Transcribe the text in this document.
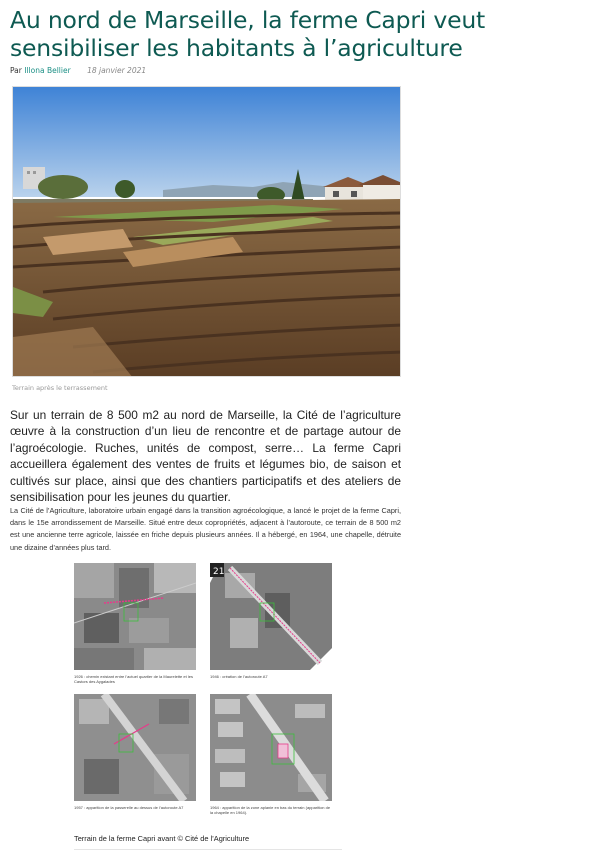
Au nord de Marseille, la ferme Capri veut sensibiliser les habitants à l’agriculture
Par Illona Bellier 18 janvier 2021
Terrain après le terrassement

Sur un terrain de 8 500 m2 au nord de Marseille, la Cité de l’agriculture œuvre à la construction d’un lieu de rencontre et de partage autour de l’agroécologie. Ruches, unités de compost, serre… La ferme Capri accueillera également des ventes de fruits et légumes bio, de saison et cultivés sur place, ainsi que des chantiers participatifs et des ateliers de sensibilisation pour les jeunes du quartier.

La Cité de l’Agriculture, laboratoire urbain engagé dans la transition agroécologique, a lancé le projet de la ferme Capri, dans le 15e arrondissement de Marseille. Situé entre deux copropriétés, adjacent à l’autoroute, ce terrain de 8 500 m2 est une ancienne terre agricole, laissée en friche depuis plusieurs années. Il a hébergé, en 1964, une chapelle, détruite une dizaine d’années plus tard.

1926 : chemin existant entre l’actuel quartier de la Maurelette et les Castors des Aygalades
21
1946 : création de l’autoroute A7
1957 : apparition de la passerelle au dessus de l’autoroute A7	1964 : apparition de la zone aplanie en bas du terrain (apparition de la chapelle en 1964).
Terrain de la ferme Capri avant © Cité de l’Agriculture
